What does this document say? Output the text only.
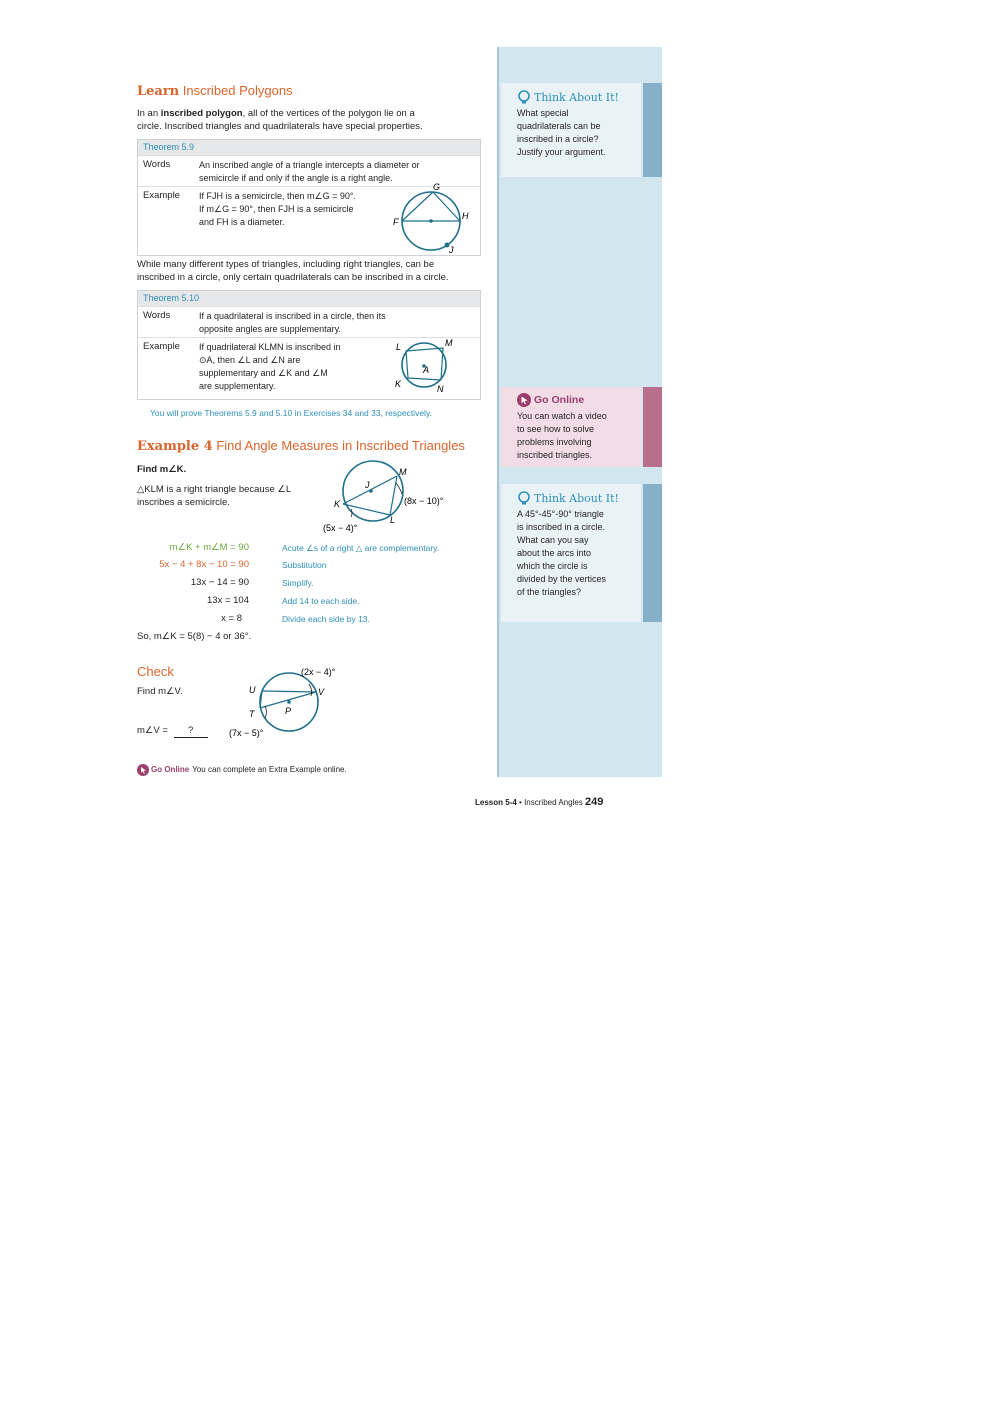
Learn Inscribed Polygons
In an inscribed polygon, all of the vertices of the polygon lie on a
circle. Inscribed triangles and quadrilaterals have special properties.
Theorem 5.9
Words	An inscribed angle of a triangle intercepts a diameter or
semicircle if and only if the angle is a right angle.
Example If FJH is a semicircle, then m∠G = 90°.
If m∠G = 90°, then FJH is a semicircle
and FH is a diameter.
G
F
H
J
While many different types of triangles, including right triangles, can be
inscribed in a circle, only certain quadrilaterals can be inscribed in a circle.
Theorem 5.10
Words	If a quadrilateral is inscribed in a circle, then its
opposite angles are supplementary.
Example If quadrilateral KLMN is inscribed in
⊙A, then ∠L and ∠N are
supplementary and ∠K and ∠M
are supplementary.
L	M
A
K	N
You will prove Theorems 5.9 and 5.10 in Exercises 34 and 33, respectively.
Example 4 Find Angle Measures in Inscribed Triangles
Find m∠K.
△KLM is a right triangle because ∠L
inscribes a semicircle.
M
J
K
L
(8x − 10)°
(5x − 4)°
m∠K + m∠M = 90	Acute ∠s of a right △ are complementary.
5x − 4 + 8x − 10 = 90	Substitution
13x − 14 = 90	Simplify.
13x = 104	Add 14 to each side.
x = 8	Divide each side by 13.
So, m∠K = 5(8) − 4 or 36°.
Check
Find m∠V.
m∠V = ?
(2x − 4)°
U	V
P
T
(7x − 5)°
Go Online You can complete an Extra Example online.
Think About It!
What special
quadrilaterals can be
inscribed in a circle?
Justify your argument.
Go Online
You can watch a video
to see how to solve
problems involving
inscribed triangles.
Think About It!
A 45°-45°-90° triangle
is inscribed in a circle.
What can you say
about the arcs into
which the circle is
divided by the vertices
of the triangles?
Lesson 5-4 • Inscribed Angles 249
